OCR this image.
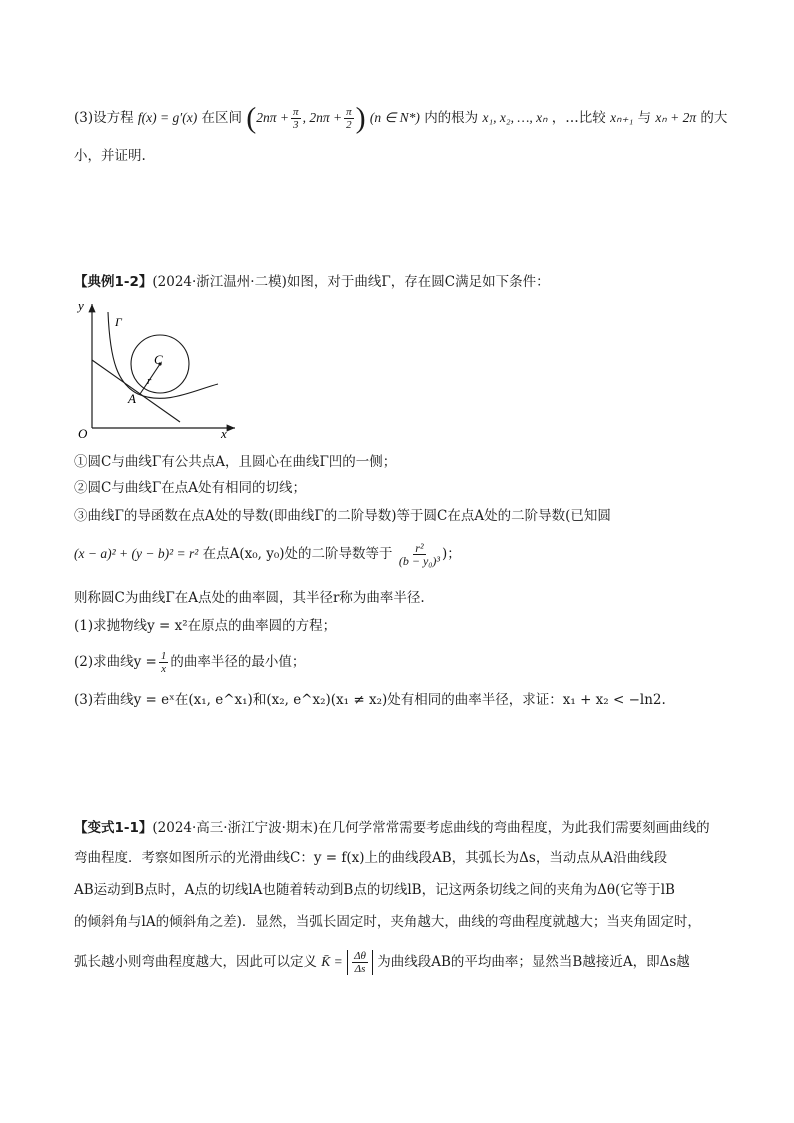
(3)设方程 f(x) = g′(x) 在区间 ($2n\pi + \frac{\pi}{3}$ , $2n\pi + \frac{\pi}{2}$ ) (n ∈ N*) 内的根为 x₁, x₂, …, xₙ ，…比较 xₙ₊₁ 与 xₙ + 2π 的大
小，并证明.
【典例1-2】(2024·浙江温州·二模)如图，对于曲线Γ，存在圆C满足如下条件：
y
x
O
Γ
C
r
A
①圆C与曲线Γ有公共点A，且圆心在曲线Γ凹的一侧；
②圆C与曲线Γ在点A处有相同的切线；
③曲线Γ的导函数在点A处的导数(即曲线Γ的二阶导数)等于圆C在点A处的二阶导数(已知圆
(x − a)² + (y − b)² = r² 在点A(x₀, y₀)处的二阶导数等于 $\frac{\text{r²}}{\text{(b − y₀)³}}$ )；
则称圆C为曲线Γ在A点处的曲率圆，其半径r称为曲率半径.
(1)求抛物线y = x²在原点的曲率圆的方程；
(2)求曲线$y = \frac{1}{x}$ 的曲率半径的最小值；
(3)若曲线y = eˣ在(x₁, e^x₁)和(x₂, e^x₂)(x₁ ≠ x₂)处有相同的曲率半径，求证：x₁ + x₂ < −ln2.
【变式1-1】(2024·高三·浙江宁波·期末)在几何学常常需要考虑曲线的弯曲程度，为此我们需要刻画曲线的
弯曲程度．考察如图所示的光滑曲线C：y = f(x)上的曲线段AB，其弧长为Δs，当动点从A沿曲线段
AB运动到B点时，A点的切线lA也随着转动到B点的切线lB，记这两条切线之间的夹角为Δθ(它等于lB
的倾斜角与lA的倾斜角之差)．显然，当弧长固定时，夹角越大，曲线的弯曲程度就越大；当夹角固定时，
弧长越小则弯曲程度越大，因此可以定义 K̄ = $\frac{\Delta\theta}{\Delta s}$ 为曲线段AB的平均曲率；显然当B越接近A，即Δs越
